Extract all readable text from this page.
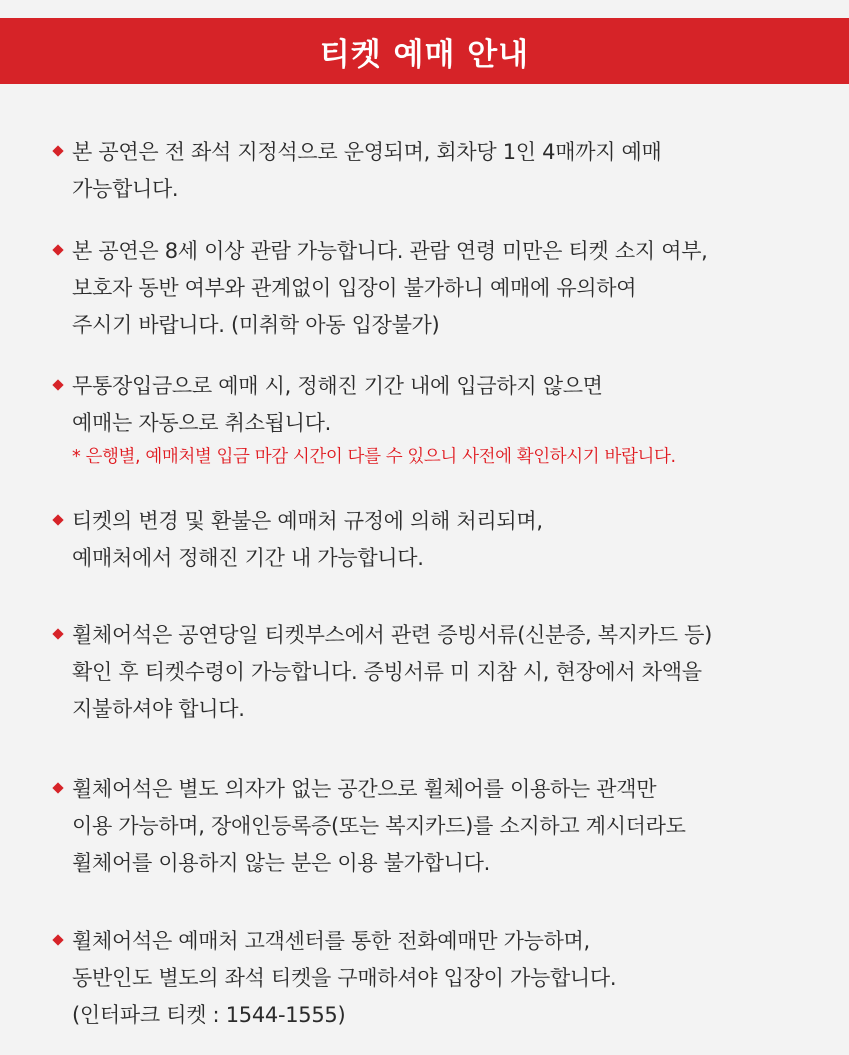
티켓 예매 안내
본 공연은 전 좌석 지정석으로 운영되며, 회차당 1인 4매까지 예매
가능합니다.
본 공연은 8세 이상 관람 가능합니다. 관람 연령 미만은 티켓 소지 여부,
보호자 동반 여부와 관계없이 입장이 불가하니 예매에 유의하여
주시기 바랍니다. (미취학 아동 입장불가)
무통장입금으로 예매 시, 정해진 기간 내에 입금하지 않으면
예매는 자동으로 취소됩니다.
* 은행별, 예매처별 입금 마감 시간이 다를 수 있으니 사전에 확인하시기 바랍니다.
티켓의 변경 및 환불은 예매처 규정에 의해 처리되며,
예매처에서 정해진 기간 내 가능합니다.
휠체어석은 공연당일 티켓부스에서 관련 증빙서류(신분증, 복지카드 등)
확인 후 티켓수령이 가능합니다. 증빙서류 미 지참 시, 현장에서 차액을
지불하셔야 합니다.
휠체어석은 별도 의자가 없는 공간으로 휠체어를 이용하는 관객만
이용 가능하며, 장애인등록증(또는 복지카드)를 소지하고 계시더라도
휠체어를 이용하지 않는 분은 이용 불가합니다.
휠체어석은 예매처 고객센터를 통한 전화예매만 가능하며,
동반인도 별도의 좌석 티켓을 구매하셔야 입장이 가능합니다.
(인터파크 티켓 : 1544-1555)
